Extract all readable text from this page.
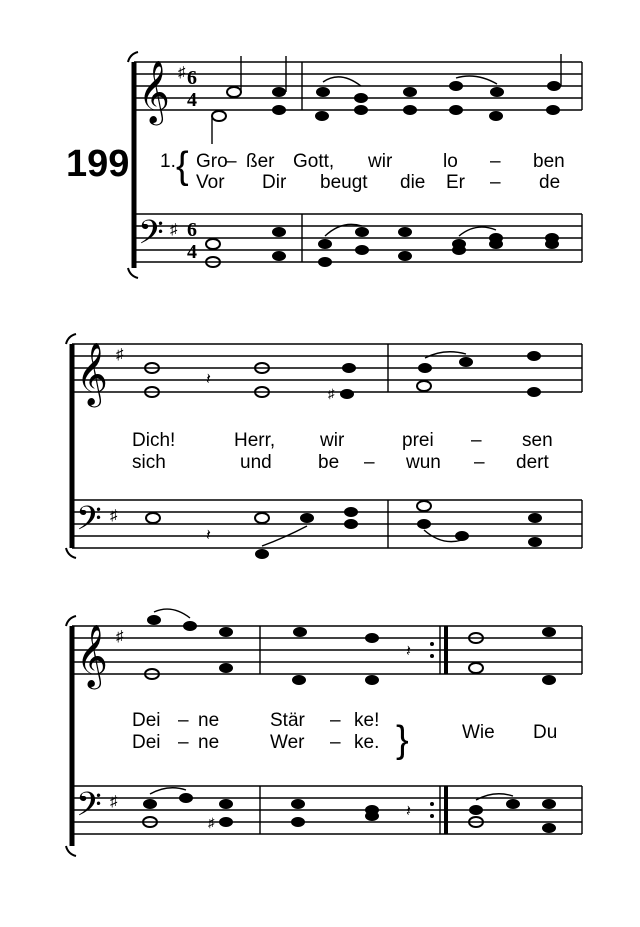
199
𝄞 ♯ 6
4
1. { Gro
– ßer Gott, wir	lo – ben
Vor Dir beugt die Er – de
𝄢 ♯ 6
4
𝄞 ♯
𝄽
♯
Dich!	Herr, wir	prei – sen
sich	und be – wun – dert
𝄢 ♯
𝄽
𝄞 ♯
𝄽
Dei – ne	Stär – ke!
Dei – ne	Wer – ke. }	Wie Du
𝄢 ♯
♯
𝄽
